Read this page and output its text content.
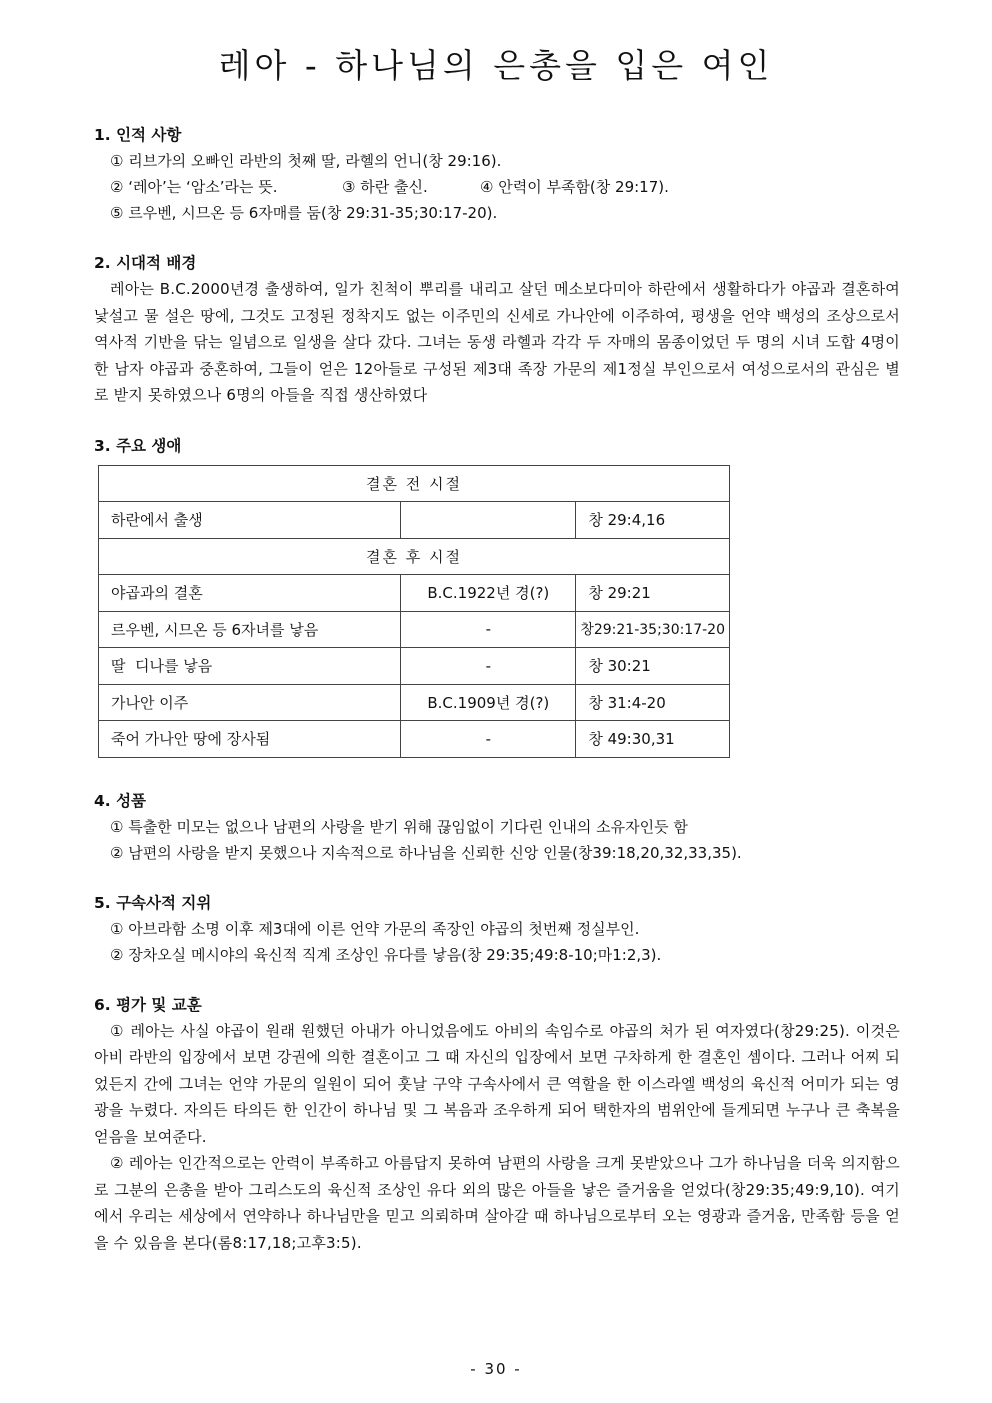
레아 - 하나님의 은총을 입은 여인
1. 인적 사항
① 리브가의 오빠인 라반의 첫째 딸, 라헬의 언니(창 29:16).
② ‘레아’는 ‘암소’라는 뜻.	③ 하란 출신.	④ 안력이 부족함(창 29:17).
⑤ 르우벤, 시므온 등 6자매를 둠(창 29:31-35;30:17-20).
2. 시대적 배경
레아는 B.C.2000년경 출생하여, 일가 친척이 뿌리를 내리고 살던 메소보다미아 하란에서 생활하다가 야곱과 결혼하여 낯설고 물 설은 땅에, 그것도 고정된 정착지도 없는 이주민의 신세로 가나안에 이주하여, 평생을 언약 백성의 조상으로서 역사적 기반을 닦는 일념으로 일생을 살다 갔다. 그녀는 동생 라헬과 각각 두 자매의 몸종이었던 두 명의 시녀 도합 4명이 한 남자 야곱과 중혼하여, 그들이 얻은 12아들로 구성된 제3대 족장 가문의 제1정실 부인으로서 여성으로서의 관심은 별로 받지 못하였으나 6명의 아들을 직접 생산하였다
3. 주요 생애
결혼 전 시절		
하란에서 출생		창 29:4,16
결혼 후 시절		
야곱과의 결혼	B.C.1922년 경(?)	창 29:21
르우벤, 시므온 등 6자녀를 낳음	-	창29:21-35;30:17-20
딸  디나를 낳음	-	창 30:21
가나안 이주	B.C.1909년 경(?)	창 31:4-20
죽어 가나안 땅에 장사됨	-	창 49:30,31
4. 성품
① 특출한 미모는 없으나 남편의 사랑을 받기 위해 끊임없이 기다린 인내의 소유자인듯 함
② 남편의 사랑을 받지 못했으나 지속적으로 하나님을 신뢰한 신앙 인물(창39:18,20,32,33,35).
5. 구속사적 지위
① 아브라함 소명 이후 제3대에 이른 언약 가문의 족장인 야곱의 첫번째 정실부인.
② 장차오실 메시야의 육신적 직계 조상인 유다를 낳음(창 29:35;49:8-10;마1:2,3).
6. 평가 및 교훈
① 레아는 사실 야곱이 원래 원했던 아내가 아니었음에도 아비의 속임수로 야곱의 처가 된 여자였다(창29:25). 이것은 아비 라반의 입장에서 보면 강권에 의한 결혼이고 그 때 자신의 입장에서 보면 구차하게 한 결혼인 셈이다. 그러나 어찌 되었든지 간에 그녀는 언약 가문의 일원이 되어 훗날 구약 구속사에서 큰 역할을 한 이스라엘 백성의 육신적 어미가 되는 영광을 누렸다. 자의든 타의든 한 인간이 하나님 및 그 복음과 조우하게 되어 택한자의 범위안에 들게되면 누구나 큰 축복을 얻음을 보여준다.
② 레아는 인간적으로는 안력이 부족하고 아름답지 못하여 남편의 사랑을 크게 못받았으나 그가 하나님을 더욱 의지함으로 그분의 은총을 받아 그리스도의 육신적 조상인 유다 외의 많은 아들을 낳은 즐거움을 얻었다(창29:35;49:9,10). 여기에서 우리는 세상에서 연약하나 하나님만을 믿고 의뢰하며 살아갈 때 하나님으로부터 오는 영광과 즐거움, 만족함 등을 얻을 수 있음을 본다(롬8:17,18;고후3:5).
- 30 -
